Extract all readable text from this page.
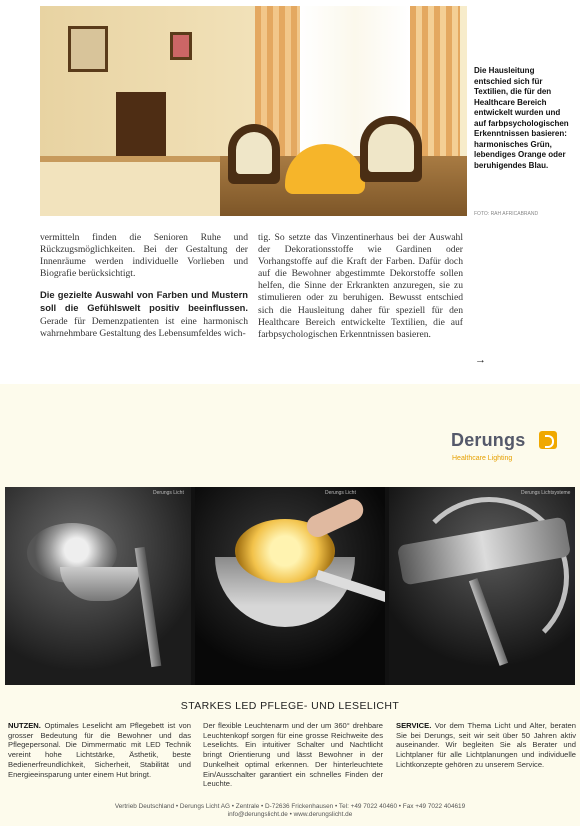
Die Hausleitung entschied sich für Textilien, die für den Healthcare Bereich entwickelt wurden und auf farbpsychologischen Erkenntnissen basieren: harmonisches Grün, lebendiges Orange oder beruhigendes Blau.
FOTO: RAH AFRICABRAND

vermitteln finden die Senioren Ruhe und Rückzugsmöglichkeiten. Bei der Gestaltung der Innenräume werden individuelle Vorlieben und Biografie berücksichtigt.

Die gezielte Auswahl von Farben und Mustern soll die Gefühlswelt positiv beeinflussen. Gerade für Demenzpatienten ist eine harmonisch wahrnehmbare Gestaltung des Lebensumfeldes wich-

tig. So setzte das Vinzentinerhaus bei der Auswahl der Dekorationsstoffe wie Gardinen oder Vorhangstoffe auf die Kraft der Farben. Dafür doch auf die Bewohner abgestimmte Dekorstoffe sollen helfen, die Sinne der Erkrankten anzuregen, sie zu stimulieren oder zu beruhigen. Bewusst entschied sich die Hausleitung daher für speziell für den Healthcare Bereich entwickelte Textilien, die auf farbpsychologischen Erkenntnissen basieren.

→
Derungs
Healthcare Lighting
Derungs Licht	Derungs Licht	Derungs Lichtsysteme
STARKES LED PFLEGE- UND LESELICHT
NUTZEN. Optimales Leselicht am Pflegebett ist von grosser Bedeutung für die Bewohner und das Pflegepersonal. Die Dimmermatic mit LED Technik vereint hohe Lichtstärke, Ästhetik, beste Bedienerfreundlichkeit, Sicherheit, Stabilität und Energieeinsparung unter einem Hut bringt.
Der flexible Leuchtenarm und der um 360° drehbare Leuchtenkopf sorgen für eine grosse Reichweite des Leselichts. Ein intuitiver Schalter und Nachtlicht bringt Orientierung und lässt Bewohner in der Dunkelheit optimal erkennen. Der hinterleuchtete Ein/Ausschalter garantiert ein schnelles Finden der Leuchte.
SERVICE. Vor dem Thema Licht und Alter, beraten Sie bei Derungs, seit wir seit über 50 Jahren aktiv auseinander. Wir begleiten Sie als Berater und Lichtplaner für alle Lichtplanungen und individuelle Lichtkonzepte gehören zu unserem Service.
Vertrieb Deutschland • Derungs Licht AG • Zentrale • D-72636 Frickenhausen • Tel: +49 7022 40460 • Fax +49 7022 404619
info@derungslicht.de • www.derungslicht.de
